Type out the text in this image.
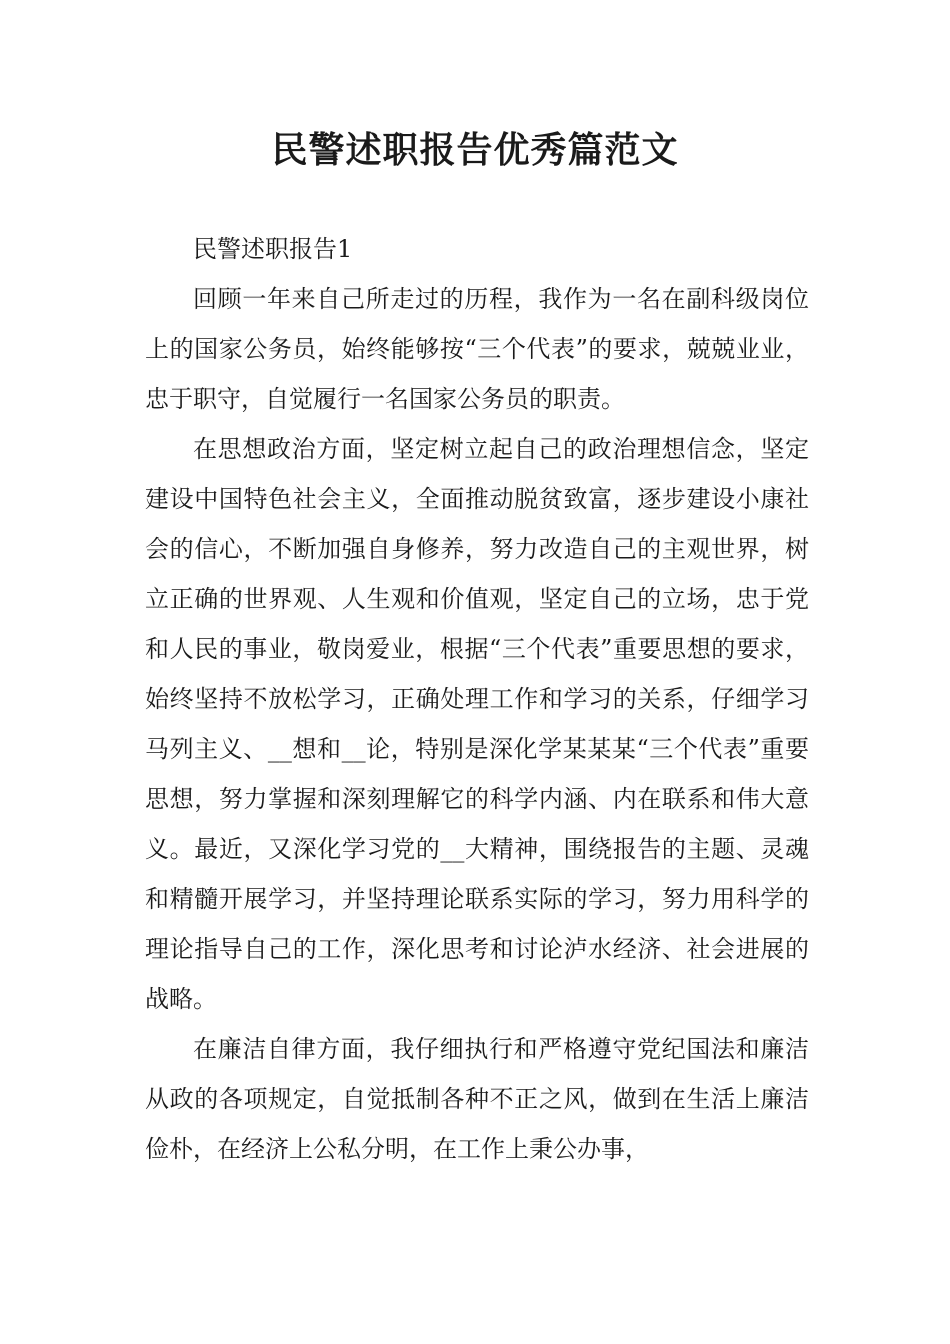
民警述职报告优秀篇范文

民警述职报告1

回顾一年来自己所走过的历程，我作为一名在副科级岗位上的国家公务员，始终能够按“三个代表”的要求，兢兢业业，忠于职守，自觉履行一名国家公务员的职责。

在思想政治方面，坚定树立起自己的政治理想信念，坚定建设中国特色社会主义，全面推动脱贫致富，逐步建设小康社会的信心，不断加强自身修养，努力改造自己的主观世界，树立正确的世界观、人生观和价值观，坚定自己的立场，忠于党和人民的事业，敬岗爱业，根据“三个代表”重要思想的要求，始终坚持不放松学习，正确处理工作和学习的关系，仔细学习马列主义、__想和__论，特别是深化学某某某“三个代表”重要思想，努力掌握和深刻理解它的科学内涵、内在联系和伟大意义。最近，又深化学习党的__大精神，围绕报告的主题、灵魂和精髓开展学习，并坚持理论联系实际的学习，努力用科学的理论指导自己的工作，深化思考和讨论泸水经济、社会进展的战略。

在廉洁自律方面，我仔细执行和严格遵守党纪国法和廉洁从政的各项规定，自觉抵制各种不正之风，做到在生活上廉洁俭朴，在经济上公私分明，在工作上秉公办事，
